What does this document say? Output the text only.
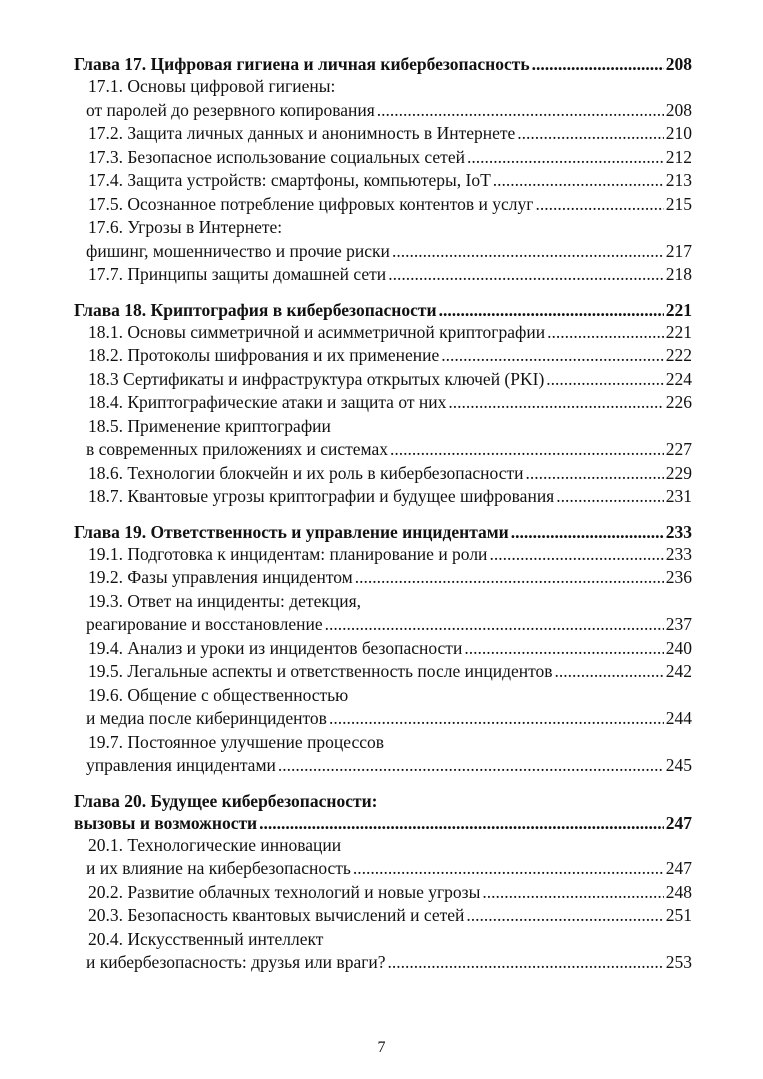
Глава 17. Цифровая гигиена и личная кибербезопасность .....	208
17.1. Основы цифровой гигиены:
от паролей до резервного копирования .....	208
17.2. Защита личных данных и анонимность в Интернете .....	210
17.3. Безопасное использование социальных сетей .....	212
17.4. Защита устройств: смартфоны, компьютеры, IoT .....	213
17.5. Осознанное потребление цифровых контентов и услуг .....	215
17.6. Угрозы в Интернете:
фишинг, мошенничество и прочие риски .....	217
17.7. Принципы защиты домашней сети .....	218
Глава 18. Криптография в кибербезопасности .....	221
18.1. Основы симметричной и асимметричной криптографии .....	221
18.2. Протоколы шифрования и их применение .....	222
18.3 Сертификаты и инфраструктура открытых ключей (PKI) .....	224
18.4. Криптографические атаки и защита от них .....	226
18.5. Применение криптографии
в современных приложениях и системах .....	227
18.6. Технологии блокчейн и их роль в кибербезопасности .....	229
18.7. Квантовые угрозы криптографии и будущее шифрования .....	231
Глава 19. Ответственность и управление инцидентами .....	233
19.1. Подготовка к инцидентам: планирование и роли .....	233
19.2. Фазы управления инцидентом .....	236
19.3. Ответ на инциденты: детекция,
реагирование и восстановление .....	237
19.4. Анализ и уроки из инцидентов безопасности .....	240
19.5. Легальные аспекты и ответственность после инцидентов .....	242
19.6. Общение с общественностью
и медиа после киберинцидентов .....	244
19.7. Постоянное улучшение процессов
управления инцидентами .....	245
Глава 20. Будущее кибербезопасности:
вызовы и возможности .....	247
20.1. Технологические инновации
и их влияние на кибербезопасность .....	247
20.2. Развитие облачных технологий и новые угрозы .....	248
20.3. Безопасность квантовых вычислений и сетей .....	251
20.4. Искусственный интеллект
и кибербезопасность: друзья или враги? .....	253
7
